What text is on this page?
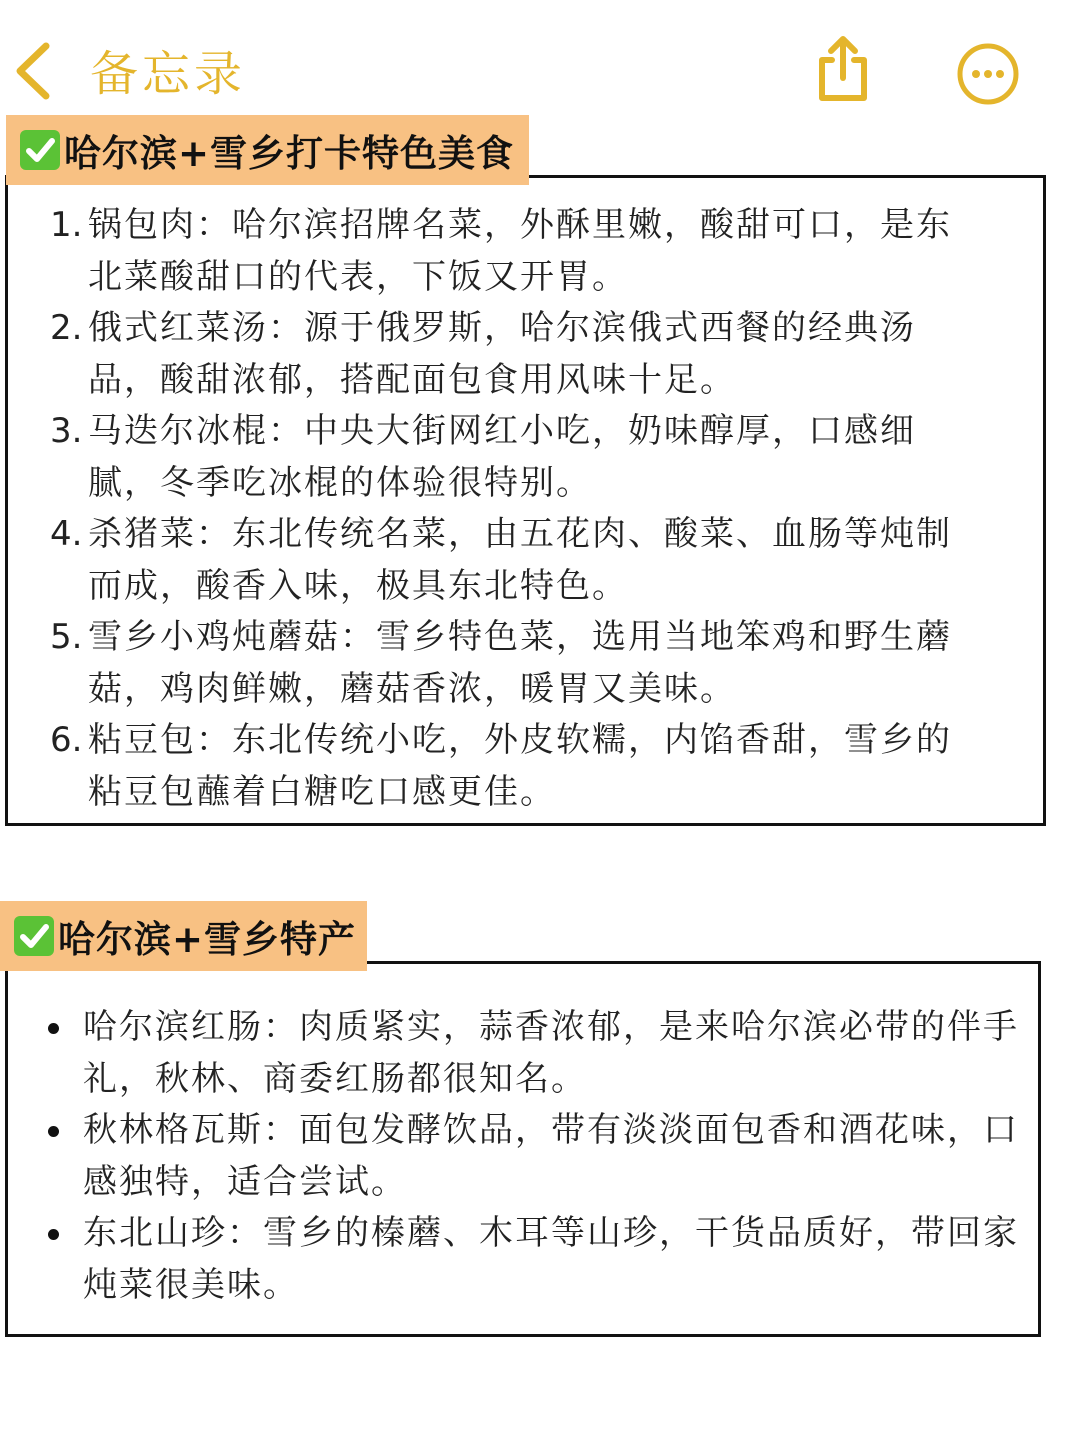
备忘录
哈尔滨+雪乡打卡特色美食
1. 锅包肉：哈尔滨招牌名菜，外酥里嫩，酸甜可口，是东北菜酸甜口的代表，下饭又开胃。
2. 俄式红菜汤：源于俄罗斯，哈尔滨俄式西餐的经典汤品，酸甜浓郁，搭配面包食用风味十足。
3. 马迭尔冰棍：中央大街网红小吃，奶味醇厚，口感细腻，冬季吃冰棍的体验很特别。
4. 杀猪菜：东北传统名菜，由五花肉、酸菜、血肠等炖制而成，酸香入味，极具东北特色。
5. 雪乡小鸡炖蘑菇：雪乡特色菜，选用当地笨鸡和野生蘑菇，鸡肉鲜嫩，蘑菇香浓，暖胃又美味。
6. 粘豆包：东北传统小吃，外皮软糯，内馅香甜，雪乡的粘豆包蘸着白糖吃口感更佳。
哈尔滨+雪乡特产
哈尔滨红肠：肉质紧实，蒜香浓郁，是来哈尔滨必带的伴手礼，秋林、商委红肠都很知名。
秋林格瓦斯：面包发酵饮品，带有淡淡面包香和酒花味，口感独特，适合尝试。
东北山珍：雪乡的榛蘑、木耳等山珍，干货品质好，带回家炖菜很美味。
